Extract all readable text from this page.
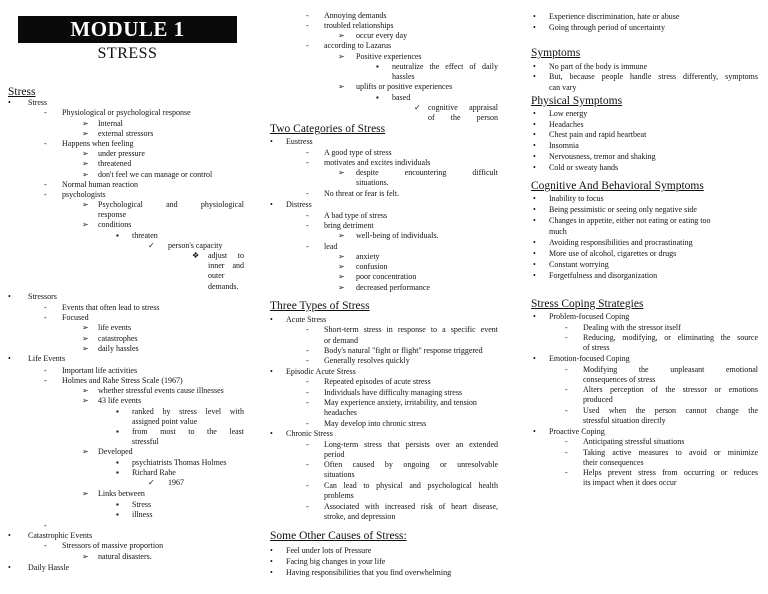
MODULE 1
STRESS
Stress
• Stress
- Physiological or psychological response
➢ Internal
➢ external stressors
- Happens when feeling
➢ under pressure
➢ threatened
➢ don't feel we can manage or control
- Normal human reaction
- psychologists
➢ Psychological and physiological
response
➢ conditions
▪ threaten
✓ person's capacity
❖ adjust to
inner and
outer
demands.
• Stressors
- Events that often lead to stress
- Focused
➢ life events
➢ catastrophes
➢ daily hassles
• Life Events
- Important life activities
- Holmes and Rahe Stress Scale (1967)
➢ whether stressful events cause illnesses
➢ 43 life events
▪ ranked by stress level with
assigned point value
▪ from most to the least
stressful
➢ Developed
▪ psychiatrists Thomas Holmes
▪ Richard Rahe
✓ 1967
➢ Links between
▪ Stress
▪ illness
-
• Catastrophic Events
- Stressors of massive proportion
➢ natural disasters.
• Daily Hassle
Two Categories of Stress
Three Types of Stress
Some Other Causes of Stress:
- Annoying demands
- troubled relationships
➢ occur every day
- according to Lazarus
➢ Positive experiences
▪ neutralize the effect of daily
hassles
➢ uplifts or positive experiences
▪ based
✓ cognitive appraisal
of the person
• Eustress
- A good type of stress
- motivates and excites individuals
➢ despite encountering difficult
situations.
- No threat or fear is felt.
• Distress
- A bad type of stress
- bring detriment
➢ well-being of individuals.
- lead
➢ anxiety
➢ confusion
➢ poor concentration
➢ decreased performance
• Acute Stress
- Short-term stress in response to a specific event
or demand
- Body's natural "fight or flight" response triggered
- Generally resolves quickly
• Episodic Acute Stress
- Repeated episodes of acute stress
- Individuals have difficulty managing stress
- May experience anxiety, irritability, and tension
headaches
- May develop into chronic stress
• Chronic Stress
- Long-term stress that persists over an extended
period
- Often caused by ongoing or unresolvable
situations
- Can lead to physical and psychological health
problems
- Associated with increased risk of heart disease,
stroke, and depression
• Feel under lots of Pressure
• Facing big changes in your life
• Having responsibilities that you find overwhelming
Symptoms
Physical Symptoms
Cognitive And Behavioral Symptoms
Stress Coping Strategies
• Experience discrimination, hate or abuse
• Going through period of uncertainty
• No part of the body is immune
• But, because people handle stress differently, symptoms
can vary
• Low energy
• Headaches
• Chest pain and rapid heartbeat
• Insomnia
• Nervousness, tremor and shaking
• Cold or sweaty hands
• Inability to focus
• Being pessimistic or seeing only negative side
• Changes in appetite, either not eating or eating too
much
• Avoiding responsibilities and procrastinating
• More use of alcohol, cigarettes or drugs
• Constant worrying
• Forgetfulness and disorganization
• Problem-focused Coping
- Dealing with the stressor itself
- Reducing, modifying, or eliminating the source
of stress
• Emotion-focused Coping
- Modifying the unpleasant emotional
consequences of stress
- Alters perception of the stressor or emotions
produced
- Used when the person cannot change the
stressful situation directly
• Proactive Coping
- Anticipating stressful situations
- Taking active measures to avoid or minimize
their consequences
- Helps prevent stress from occurring or reduces
its impact when it does occur
